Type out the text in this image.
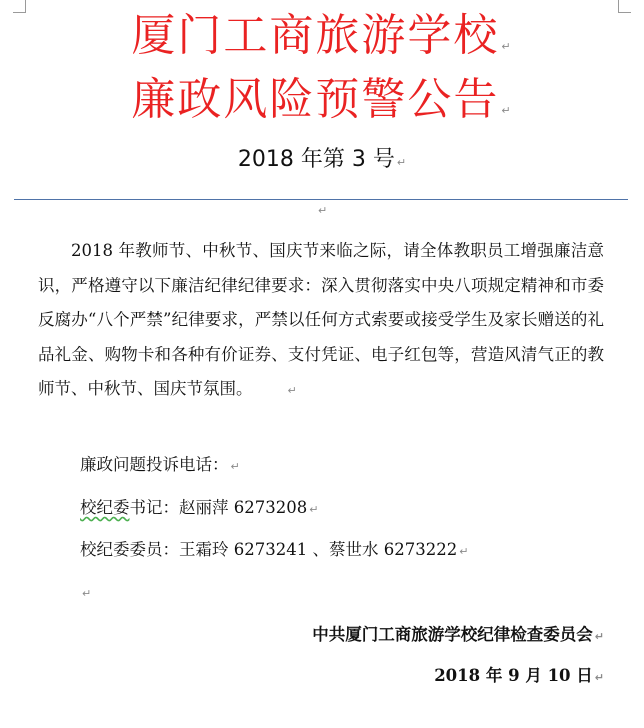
厦门工商旅游学校 ↵
廉政风险预警公告 ↵
2018 年第 3 号 ↵
↵
2018 年教师节、中秋节、国庆节来临之际，请全体教职员工增强廉洁意识，严格遵守以下廉洁纪律纪律要求：深入贯彻落实中央八项规定精神和市委反腐办“八个严禁”纪律要求，严禁以任何方式索要或接受学生及家长赠送的礼品礼金、购物卡和各种有价证券、支付凭证、电子红包等，营造风清气正的教师节、中秋节、国庆节氛围。	↵
廉政问题投诉电话： ↵
校纪委书记：赵丽萍 6273208 ↵
校纪委委员：王霜玲 6273241 、蔡世水 6273222 ↵
↵
中共厦门工商旅游学校纪律检查委员会 ↵
2018 年 9 月 10 日 ↵
